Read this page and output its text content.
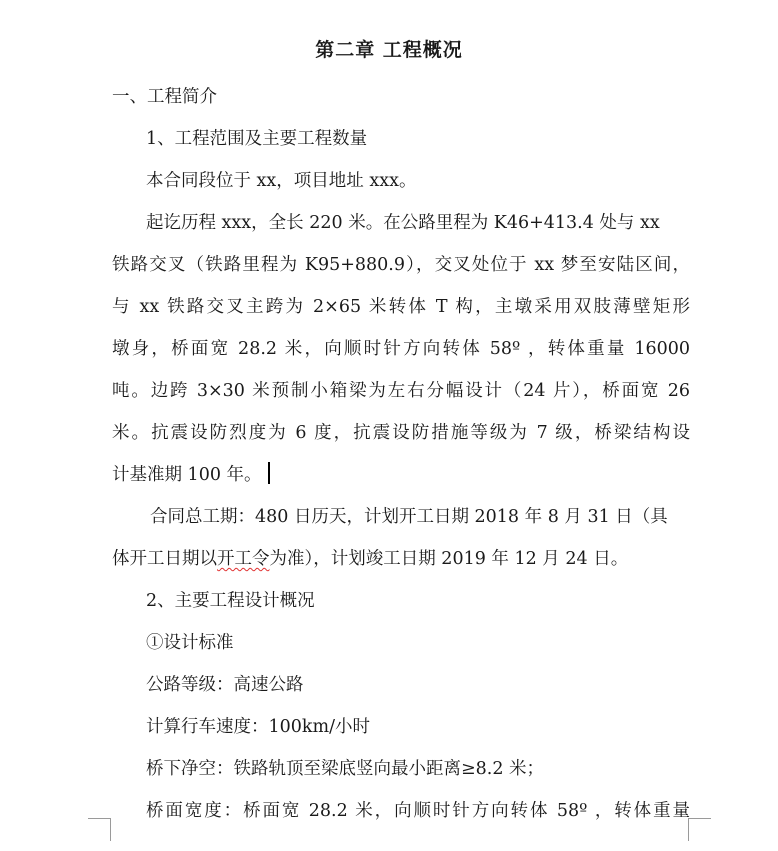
第二章 工程概况
一、工程简介
1、工程范围及主要工程数量
本合同段位于 xx，项目地址 xxx。
起讫历程 xxx，全长 220 米。在公路里程为 K46+413.4 处与 xx
铁路交叉（铁路里程为 K95+880.9），交叉处位于 xx 梦至安陆区间，
与 xx 铁路交叉主跨为 2×65 米转体 T 构，主墩采用双肢薄壁矩形
墩身，桥面宽 28.2 米，向顺时针方向转体 58º ，转体重量 16000
吨。边跨 3×30 米预制小箱梁为左右分幅设计（24 片），桥面宽 26
米。抗震设防烈度为 6 度，抗震设防措施等级为 7 级，桥梁结构设
计基准期 100 年。
合同总工期：480 日历天，计划开工日期 2018 年 8 月 31 日（具
体开工日期以开工令为准），计划竣工日期 2019 年 12 月 24 日。
2、主要工程设计概况
①设计标准
公路等级：高速公路
计算行车速度：100km/小时
桥下净空：铁路轨顶至梁底竖向最小距离≥8.2 米；
桥面宽度：桥面宽 28.2 米，向顺时针方向转体 58º ，转体重量
